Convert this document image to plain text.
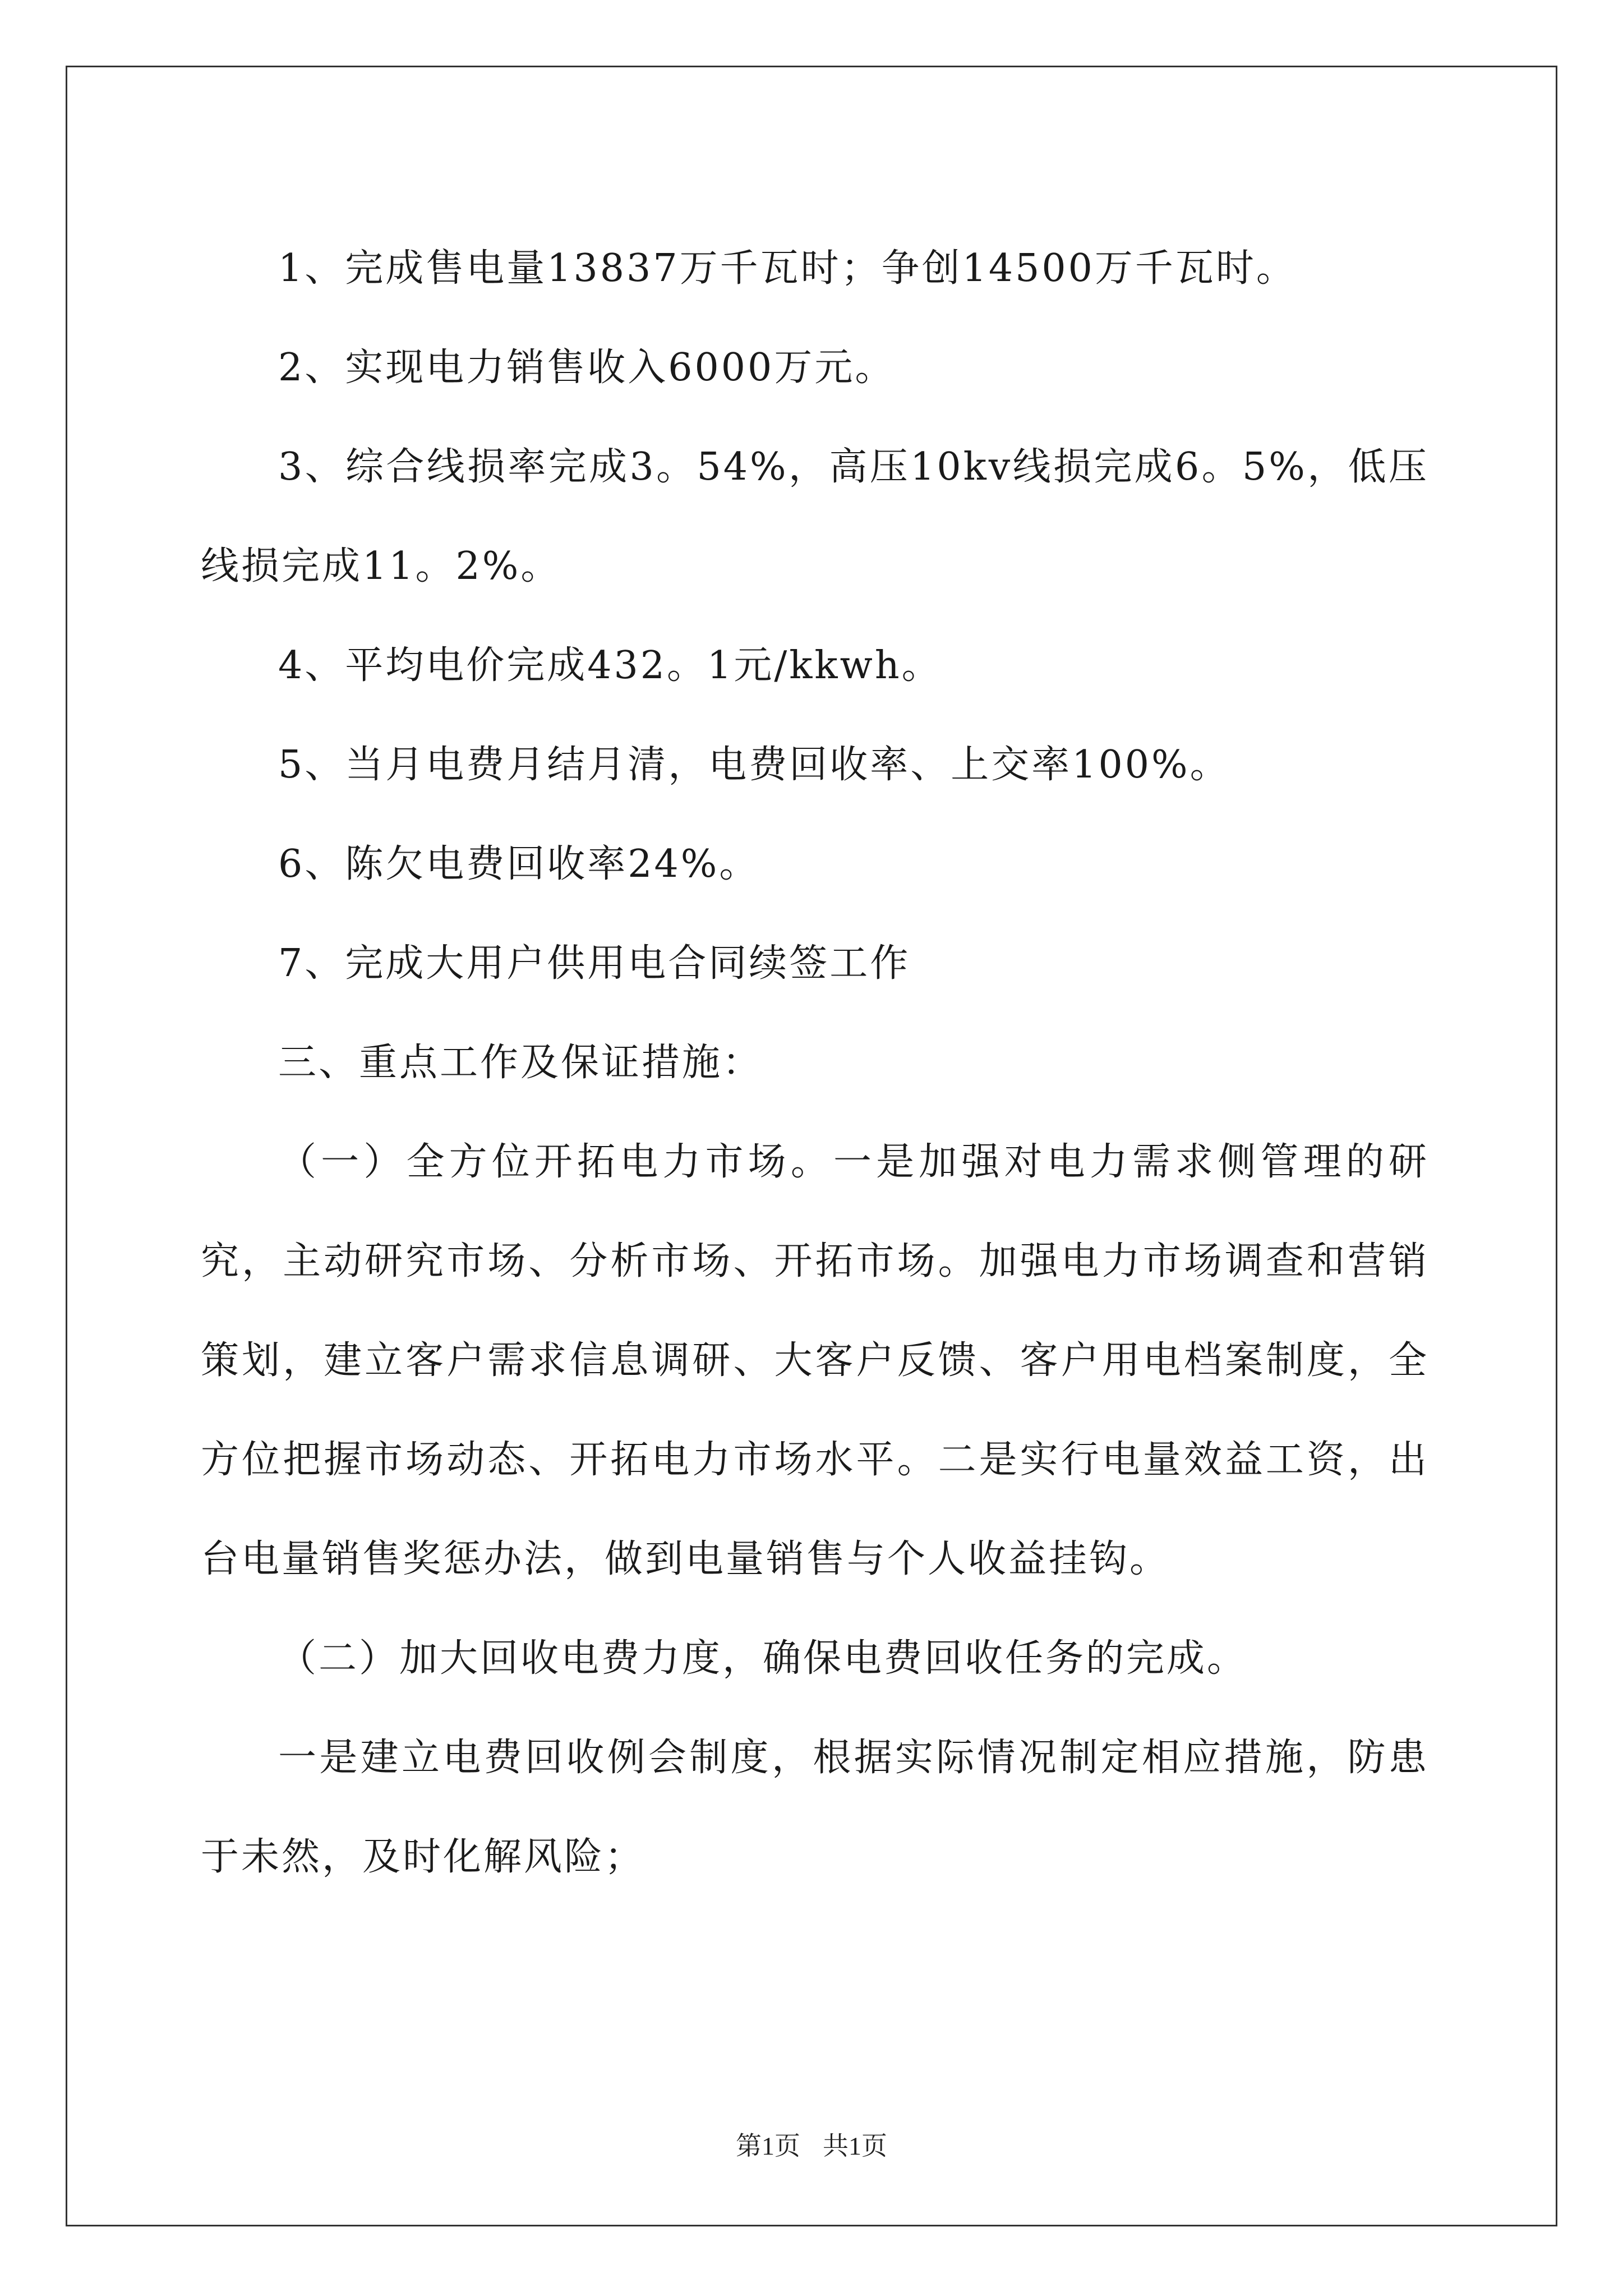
1、完成售电量13837万千瓦时；争创14500万千瓦时。

2、实现电力销售收入6000万元。

3、综合线损率完成3。54%，高压10kv线损完成6。5%，低压线损完成11。2%。

4、平均电价完成432。1元/kkwh。

5、当月电费月结月清，电费回收率、上交率100%。

6、陈欠电费回收率24%。

7、完成大用户供用电合同续签工作

三、重点工作及保证措施：

（一）全方位开拓电力市场。一是加强对电力需求侧管理的研究，主动研究市场、分析市场、开拓市场。加强电力市场调查和营销策划，建立客户需求信息调研、大客户反馈、客户用电档案制度，全方位把握市场动态、开拓电力市场水平。二是实行电量效益工资，出台电量销售奖惩办法，做到电量销售与个人收益挂钩。

（二）加大回收电费力度，确保电费回收任务的完成。

一是建立电费回收例会制度，根据实际情况制定相应措施，防患于未然，及时化解风险；

第1页 共1页
